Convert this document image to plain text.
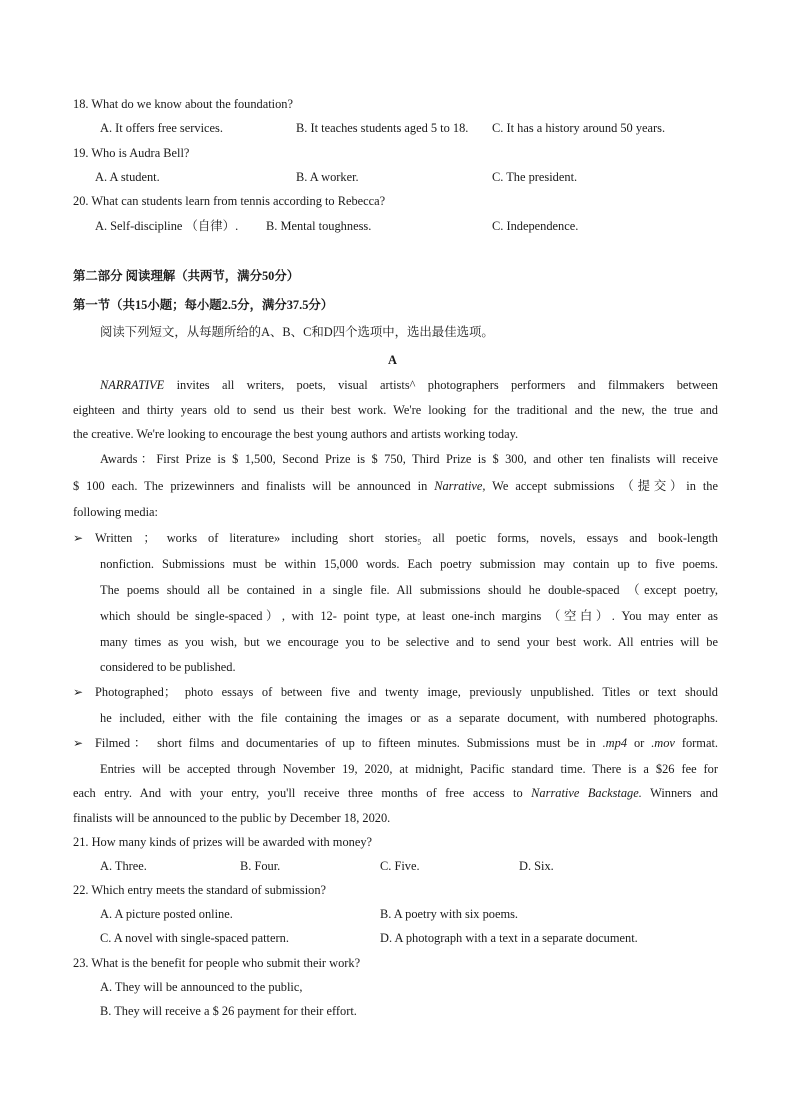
18. What do we know about the foundation?
A. It offers free services.	B. It teaches students aged 5 to 18. C. It has a history around 50 years.
19. Who is Audra Bell?
A. A student.	B. A worker.	C. The president.
20. What can students learn from tennis according to Rebecca?
A. Self-discipline （自律）. B. Mental toughness.	C. Independence.
第二部分 阅读理解（共两节，满分50分）
第一节（共15小题；每小题2.5分，满分37.5分）
阅读下列短文，从每题所给的A、B、C和D四个选项中，选出最佳选项。
A
NARRATIVE invites all writers, poets, visual artists^ photographers performers and filmmakers between
eighteen and thirty years old to send us their best work. We're looking for the traditional and the new, the true and
the creative. We're looking to encourage the best young authors and artists working today.
Awards：First Prize is $ 1,500, Second Prize is $ 750, Third Prize is $ 300, and other ten finalists will receive
$ 100 each. The prizewinners and finalists will be announced in Narrative, We accept submissions （提交）in the
following media:
➢ Written ； works of literature» including short stories₅ all poetic forms, novels, essays and book-length
nonfiction. Submissions must be within 15,000 words. Each poetry submission may contain up to five poems.
The poems should all be contained in a single file. All submissions should he double-spaced （except poetry,
which should be single-spaced）, with 12- point type, at least one-inch margins （空白）. You may enter as
many times as you wish, but we encourage you to be selective and to send your best work. All entries will be
considered to be published.
➢ Photographed； photo essays of between five and twenty image, previously unpublished. Titles or text should
he included, either with the file containing the images or as a separate document, with numbered photographs.
➢ Filmed： short films and documentaries of up to fifteen minutes. Submissions must be in .mp4 or .mov format.
Entries will be accepted through November 19, 2020, at midnight, Pacific standard time. There is a $26 fee for
each entry. And with your entry, you'll receive three months of free access to Narrative Backstage. Winners and
finalists will be announced to the public by December 18, 2020.
21. How many kinds of prizes will be awarded with money?
A. Three.	B. Four.	C. Five.	D. Six.
22. Which entry meets the standard of submission?
A. A picture posted online.	B. A poetry with six poems.
C. A novel with single-spaced pattern.	D. A photograph with a text in a separate document.
23. What is the benefit for people who submit their work?
A. They will be announced to the public,
B. They will receive a $ 26 payment for their effort.
